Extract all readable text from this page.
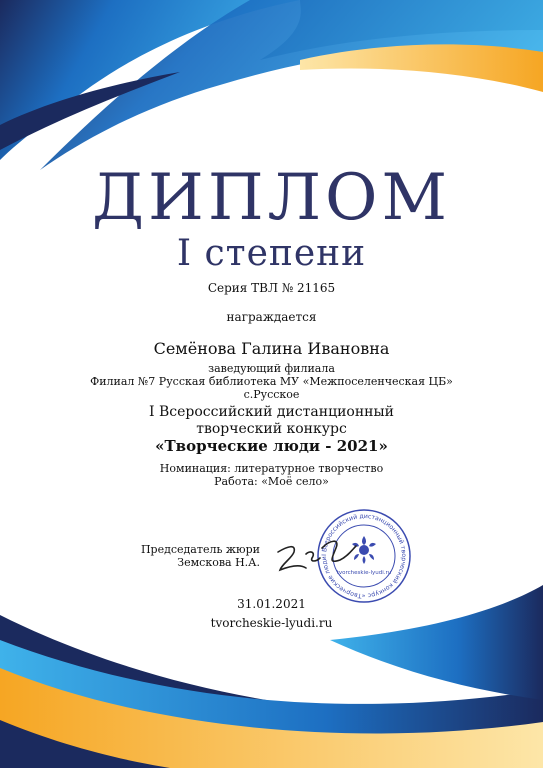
ДИПЛОМ
I степени
Серия ТВЛ № 21165
награждается
Семёнова Галина Ивановна
заведующий филиала
Филиал №7 Русская библиотека МУ «Межпоселенческая ЦБ»
с.Русское
I Всероссийский дистанционный
творческий конкурс
«Творческие люди - 2021»
Номинация: литературное творчество
Работа: «Моё село»
Председатель жюри
Земскова Н.А.
I Всероссийский дистанционный творческий конкурс «Творческие люди
tvorcheskie-lyudi.ru
31.01.2021
tvorcheskie-lyudi.ru
